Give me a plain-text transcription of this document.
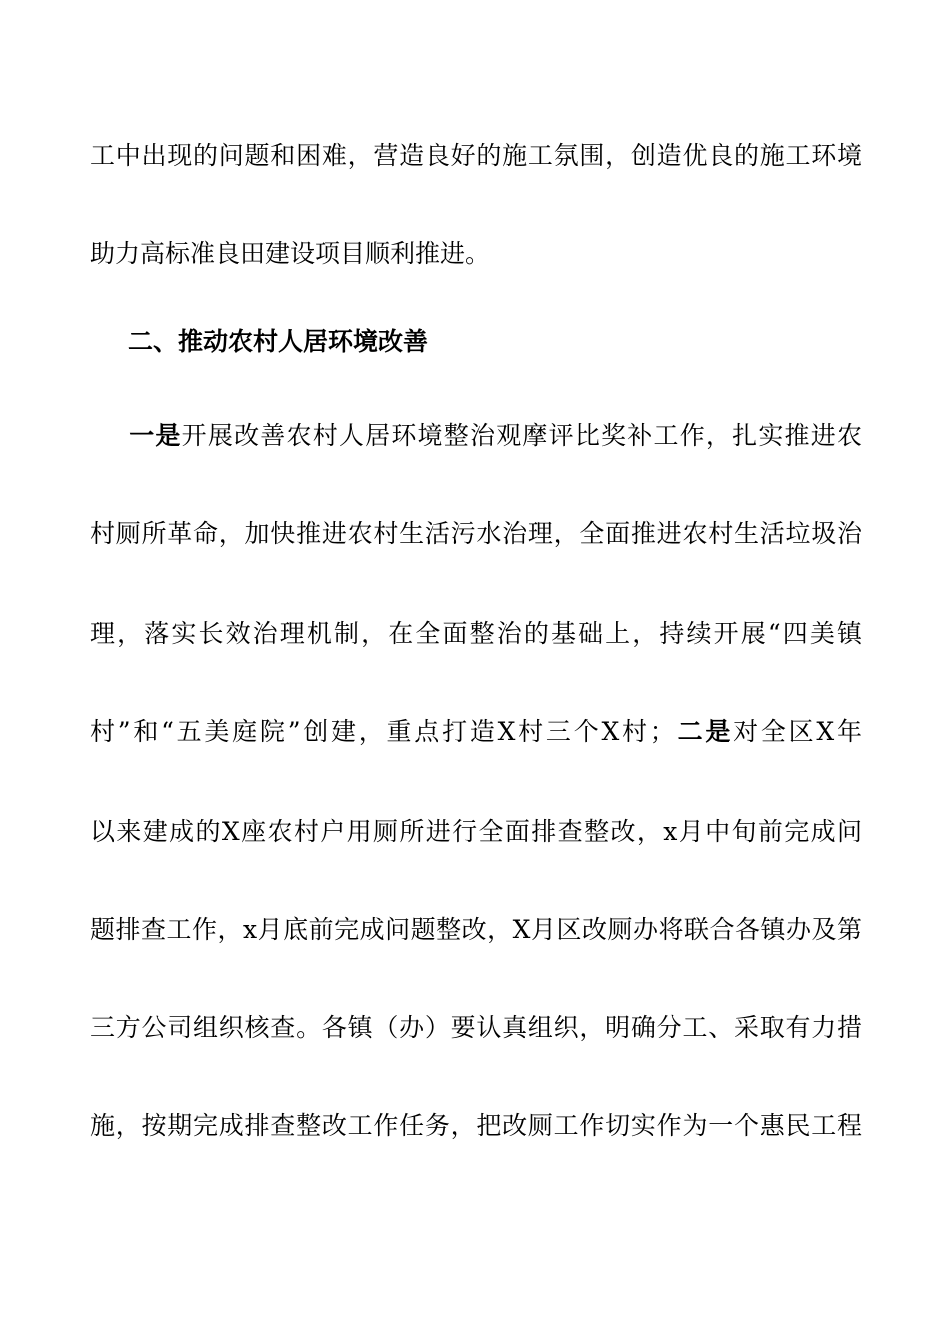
工中出现的问题和困难，营造良好的施工氛围，创造优良的施工环境
助力高标准良田建设项目顺利推进。
二、推动农村人居环境改善
一是开展改善农村人居环境整治观摩评比奖补工作，扎实推进农
村厕所革命，加快推进农村生活污水治理，全面推进农村生活垃圾治
理，落实长效治理机制，在全面整治的基础上，持续开展“四美镇
村”和“五美庭院”创建，重点打造X村三个X村；二是对全区X年
以来建成的X座农村户用厕所进行全面排查整改，x月中旬前完成问
题排查工作，x月底前完成问题整改，X月区改厕办将联合各镇办及第
三方公司组织核查。各镇（办）要认真组织，明确分工、采取有力措
施，按期完成排查整改工作任务，把改厕工作切实作为一个惠民工程
